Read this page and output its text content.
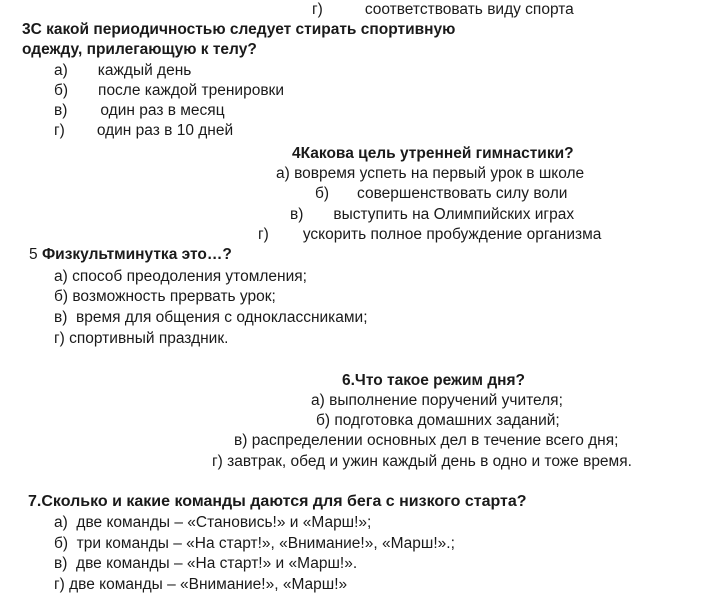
г)	соответствовать виду спорта
3С какой периодичностью следует стирать спортивную
одежду, прилегающую к телу?
а) каждый день
б) после каждой тренировки
в) один раз в месяц
г) один раз в 10 дней
4Какова цель утренней гимнастики?
а) вовремя успеть на первый урок в школе
б) совершенствовать силу воли
в) выступить на Олимпийских играх
г) ускорить полное пробуждение организма
5 Физкультминутка это…?
а) способ преодоления утомления;
б) возможность прервать урок;
в) время для общения с одноклассниками;
г) спортивный праздник.
6.Что такое режим дня?
а) выполнение поручений учителя;
б) подготовка домашних заданий;
в) распределении основных дел в течение всего дня;
г) завтрак, обед и ужин каждый день в одно и тоже время.
7.Сколько и какие команды даются для бега с низкого старта?
а) две команды – «Становись!» и «Марш!»;
б) три команды – «На старт!», «Внимание!», «Марш!».;
в) две команды – «На старт!» и «Марш!».
г) две команды – «Внимание!», «Марш!»
